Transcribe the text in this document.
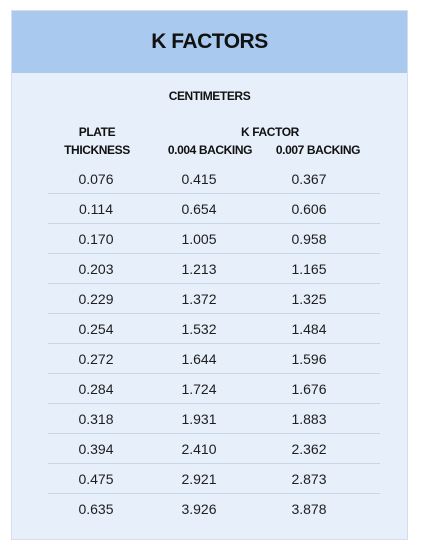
K FACTORS
CENTIMETERS
PLATE
THICKNESS
K FACTOR
0.004 BACKING	0.007 BACKING
0.076	0.415	0.367
0.114	0.654	0.606
0.170	1.005	0.958
0.203	1.213	1.165
0.229	1.372	1.325
0.254	1.532	1.484
0.272	1.644	1.596
0.284	1.724	1.676
0.318	1.931	1.883
0.394	2.410	2.362
0.475	2.921	2.873
0.635	3.926	3.878
